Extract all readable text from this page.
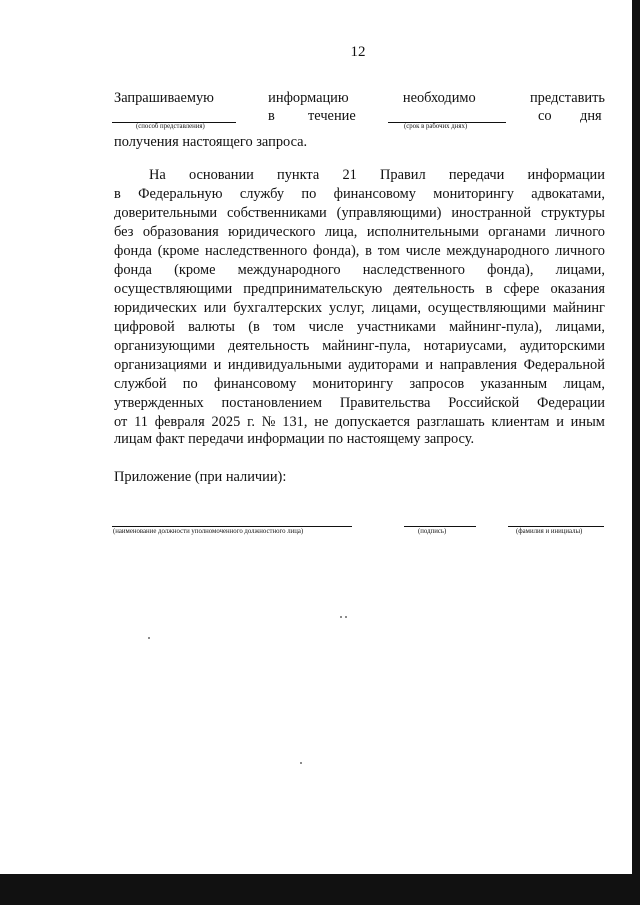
12
Запрашиваемую	информацию	необходимо	представить
(способ представления)
в течение
(срок в рабочих днях)
со дня
получения настоящего запроса.
На основании пункта 21 Правил передачи информации
в Федеральную службу по финансовому мониторингу адвокатами,
доверительными собственниками (управляющими) иностранной структуры
без образования юридического лица, исполнительными органами личного
фонда (кроме наследственного фонда), в том числе международного личного
фонда (кроме международного наследственного фонда), лицами,
осуществляющими предпринимательскую деятельность в сфере оказания
юридических или бухгалтерских услуг, лицами, осуществляющими майнинг
цифровой валюты (в том числе участниками майнинг-пула), лицами,
организующими деятельность майнинг-пула, нотариусами, аудиторскими
организациями и индивидуальными аудиторами и направления Федеральной
службой по финансовому мониторингу запросов указанным лицам,
утвержденных постановлением Правительства Российской Федерации
от 11 февраля 2025 г. № 131, не допускается разглашать клиентам и иным
лицам факт передачи информации по настоящему запросу.
Приложение (при наличии):
(наименование должности уполномоченного должностного лица)	(подпись)	(фамилия и инициалы)
